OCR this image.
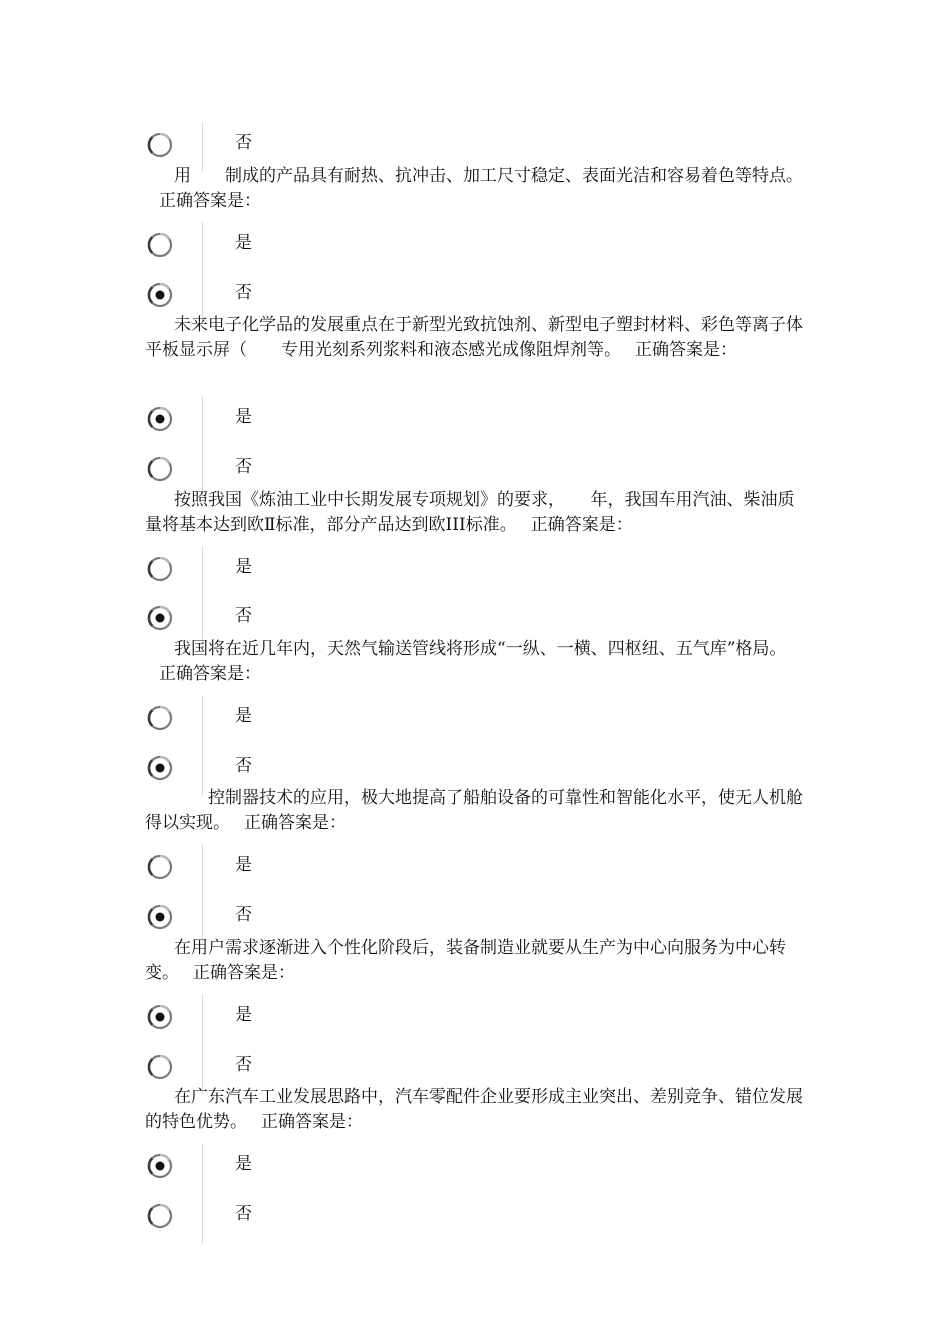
否

用　　制成的产品具有耐热、抗冲击、加工尺寸稳定、表面光洁和容易着色等特点。正确答案是：

是
否

未来电子化学品的发展重点在于新型光致抗蚀剂、新型电子塑封材料、彩色等离子体平板显示屏（　　专用光刻系列浆料和液态感光成像阻焊剂等。 正确答案是：

是
否

按照我国《炼油工业中长期发展专项规划》的要求，　　年，我国车用汽油、柴油质量将基本达到欧Ⅱ标准，部分产品达到欧III标准。 正确答案是：

是
否

我国将在近几年内，天然气输送管线将形成“一纵、一横、四枢纽、五气库”格局。正确答案是：

是
否

　　控制器技术的应用，极大地提高了船舶设备的可靠性和智能化水平，使无人机舱得以实现。 正确答案是：

是
否

在用户需求逐渐进入个性化阶段后，装备制造业就要从生产为中心向服务为中心转变。 正确答案是：

是
否

在广东汽车工业发展思路中，汽车零配件企业要形成主业突出、差别竞争、错位发展的特色优势。 正确答案是：

是
否
